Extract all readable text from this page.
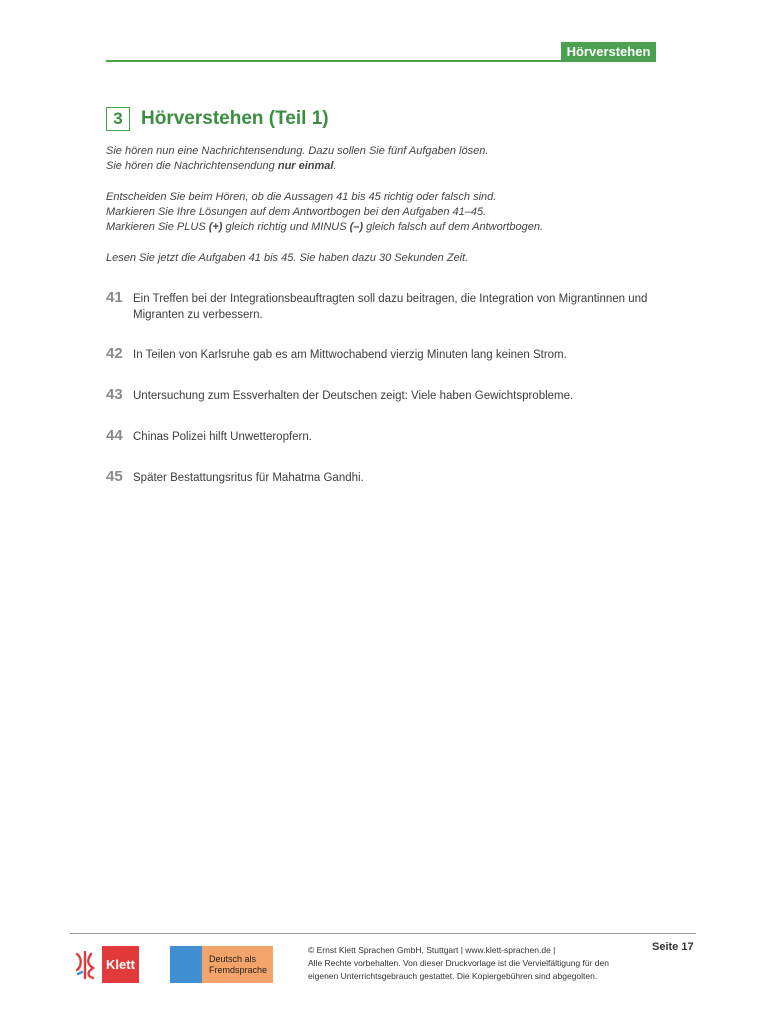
Hörverstehen
3 Hörverstehen (Teil 1)

Sie hören nun eine Nachrichtensendung. Dazu sollen Sie fünf Aufgaben lösen.

Sie hören die Nachrichtensendung nur einmal.

Entscheiden Sie beim Hören, ob die Aussagen 41 bis 45 richtig oder falsch sind.

Markieren Sie Ihre Lösungen auf dem Antwortbogen bei den Aufgaben 41–45.

Markieren Sie PLUS (+) gleich richtig und MINUS (–) gleich falsch auf dem Antwortbogen.

Lesen Sie jetzt die Aufgaben 41 bis 45. Sie haben dazu 30 Sekunden Zeit.

41 Ein Treffen bei der Integrationsbeauftragten soll dazu beitragen, die Integration von Migrantinnen und Migranten zu verbessern.
42 In Teilen von Karlsruhe gab es am Mittwochabend vierzig Minuten lang keinen Strom.
43 Untersuchung zum Essverhalten der Deutschen zeigt: Viele haben Gewichtsprobleme.
44 Chinas Polizei hilft Unwetteropfern.
45 Später Bestattungsritus für Mahatma Gandhi.
Klett	Deutsch als
Fremdsprache

© Ernst Klett Sprachen GmbH, Stuttgart | www.klett-sprachen.de |

Alle Rechte vorbehalten. Von dieser Druckvorlage ist die Vervielfältigung für den

eigenen Unterrichtsgebrauch gestattet. Die Kopiergebühren sind abgegolten.

Seite 17
